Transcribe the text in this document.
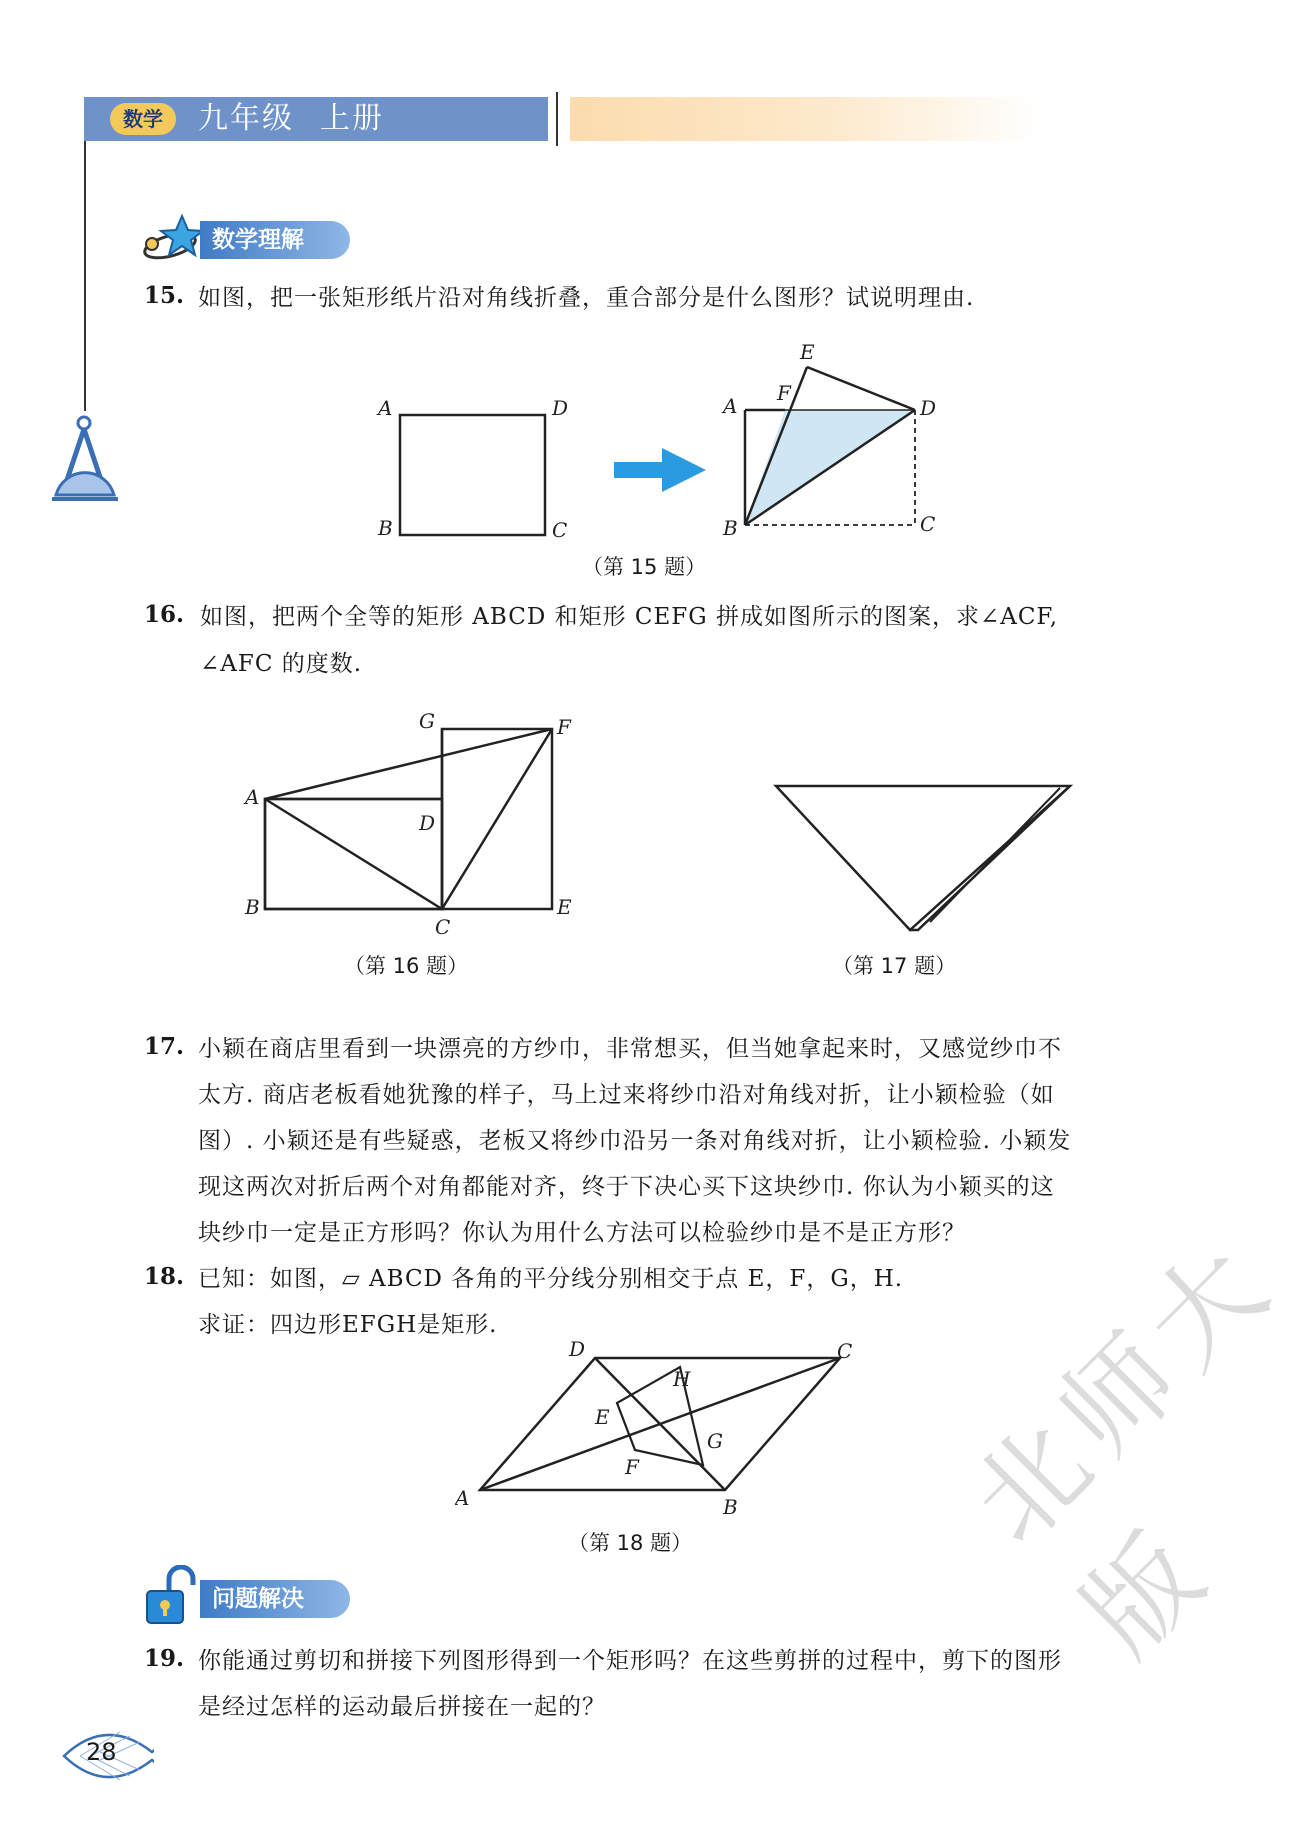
数学	九年级 上册
数学理解
15. 如图，把一张矩形纸片沿对角线折叠，重合部分是什么图形？试说明理由.
A	D
B	C
A
F
E
D
B	C
（第 15 题）
16. 如图，把两个全等的矩形 ABCD 和矩形 CEFG 拼成如图所示的图案，求∠ACF,
∠AFC 的度数.
G	F
A
D
B	E
C
（第 16 题）	（第 17 题）
17. 小颖在商店里看到一块漂亮的方纱巾，非常想买，但当她拿起来时，又感觉纱巾不
太方. 商店老板看她犹豫的样子，马上过来将纱巾沿对角线对折，让小颖检验（如
图）. 小颖还是有些疑惑，老板又将纱巾沿另一条对角线对折，让小颖检验. 小颖发
现这两次对折后两个对角都能对齐，终于下决心买下这块纱巾. 你认为小颖买的这
块纱巾一定是正方形吗？你认为用什么方法可以检验纱巾是不是正方形？
18. 已知：如图，▱ ABCD 各角的平分线分别相交于点 E，F，G，H.
求证：四边形EFGH是矩形.
A	B
C
D
E
F
G
H
（第 18 题）
问题解决
19. 你能通过剪切和拼接下列图形得到一个矩形吗？在这些剪拼的过程中，剪下的图形
是经过怎样的运动最后拼接在一起的？
28
北师大版
